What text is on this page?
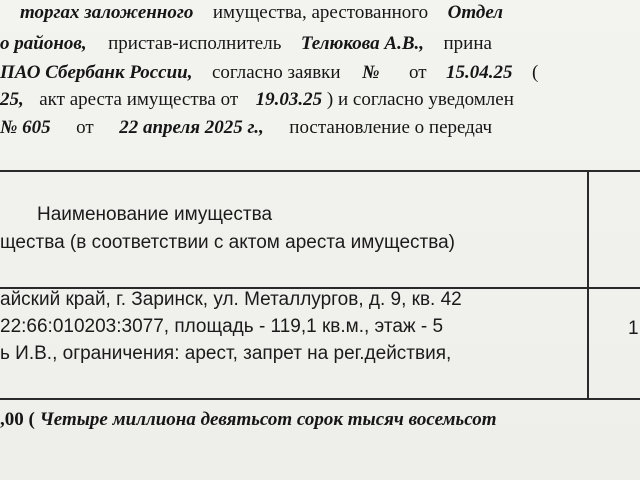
торгах заложенного имущества, арестованного Отдел
о районов, пристав-исполнитель Телюкова А.В., прина
ПАО Сбербанк России, согласно заявки № от 15.04.25 (
25, акт ареста имущества от 19.03.25 ) и согласно уведомлен
№ 605 от 22 апреля 2025 г., постановление о передач
Наименование имущества
щества (в соответствии с актом ареста имущества)
айский край, г. Заринск, ул. Металлургов, д. 9, кв. 42
22:66:010203:3077, площадь - 119,1 кв.м., этаж - 5
ь И.В., ограничения: арест, запрет на рег.действия,
1
,00 ( Четыре миллиона девятьсот сорок тысяч восемьсот
